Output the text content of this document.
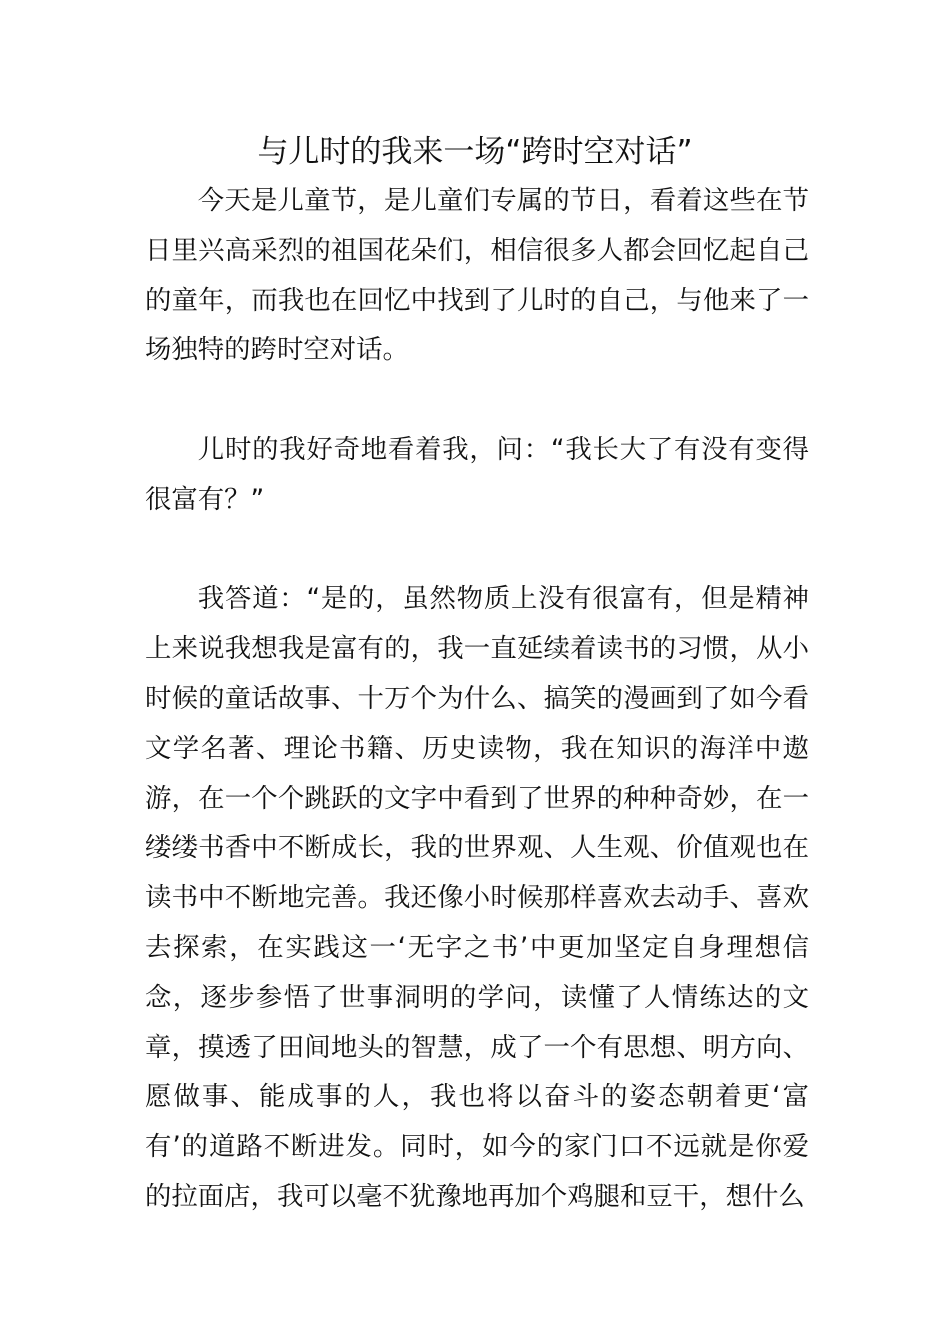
与儿时的我来一场“跨时空对话”

今天是儿童节，是儿童们专属的节日，看着这些在节日里兴高采烈的祖国花朵们，相信很多人都会回忆起自己的童年，而我也在回忆中找到了儿时的自己，与他来了一场独特的跨时空对话。

儿时的我好奇地看着我，问：“我长大了有没有变得很富有？”

我答道：“是的，虽然物质上没有很富有，但是精神上来说我想我是富有的，我一直延续着读书的习惯，从小时候的童话故事、十万个为什么、搞笑的漫画到了如今看文学名著、理论书籍、历史读物，我在知识的海洋中遨游，在一个个跳跃的文字中看到了世界的种种奇妙，在一缕缕书香中不断成长，我的世界观、人生观、价值观也在读书中不断地完善。我还像小时候那样喜欢去动手、喜欢去探索，在实践这一‘无字之书’中更加坚定自身理想信念，逐步参悟了世事洞明的学问，读懂了人情练达的文章，摸透了田间地头的智慧，成了一个有思想、明方向、愿做事、能成事的人，我也将以奋斗的姿态朝着更‘富有’的道路不断进发。同时，如今的家门口不远就是你爱的拉面店，我可以毫不犹豫地再加个鸡腿和豆干，想什么
